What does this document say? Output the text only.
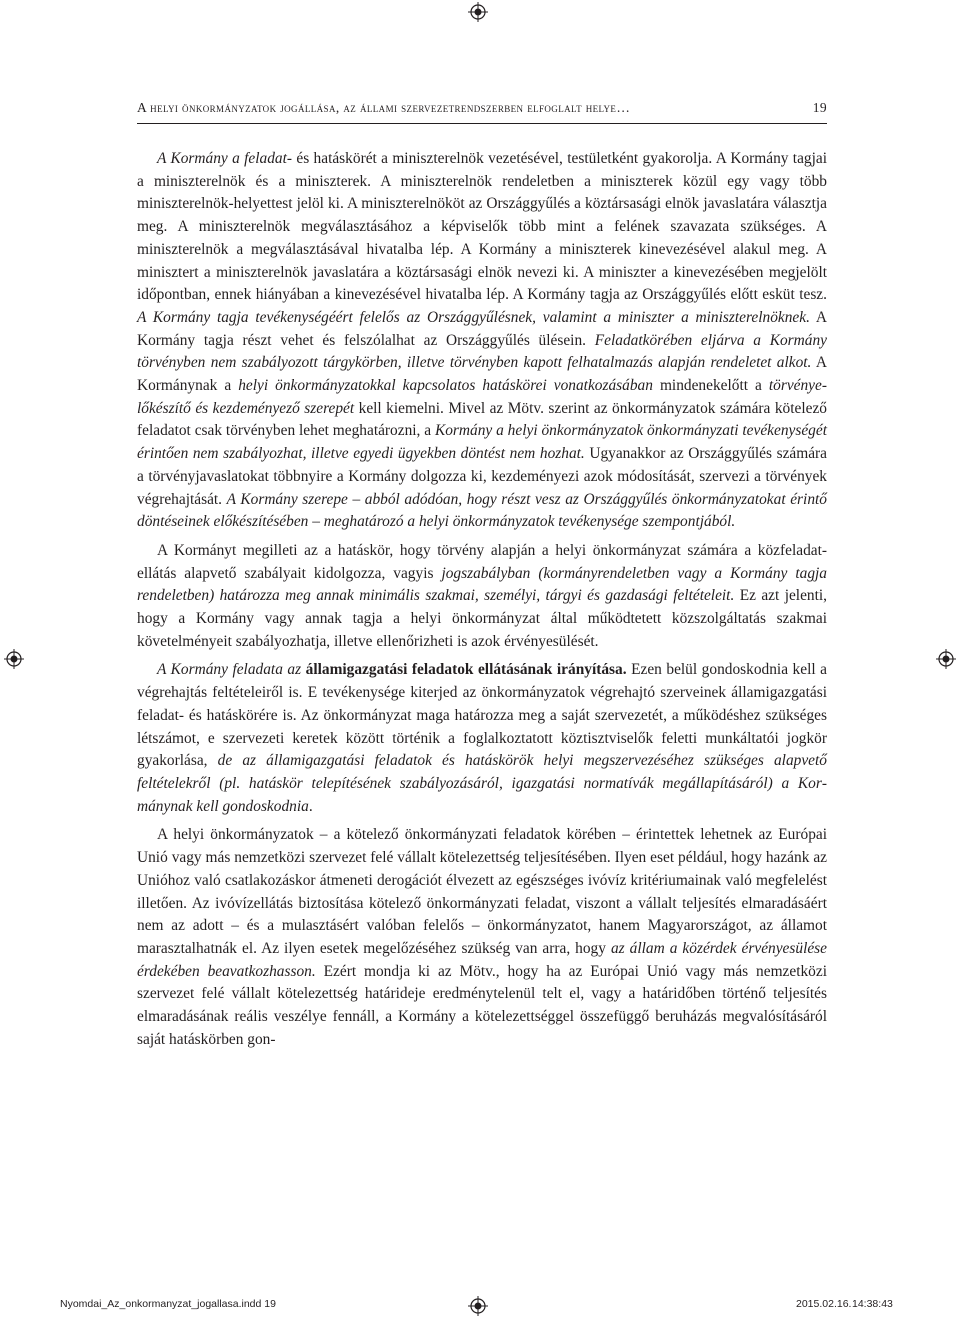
A helyi önkormányzatok jogállása, az állami szervezetrendszerben elfoglalt helye…	19

A Kormány a feladat- és hatáskörét a miniszterelnök vezetésével, testületként gyakorolja. A Kormány tagjai a miniszterelnök és a miniszterek. A miniszterelnök rendeletben a miniszterek közül egy vagy több miniszterelnök-helyettest jelöl ki. A miniszterelnököt az Országgyűlés a köztársasági elnök javaslatára választja meg. A miniszterelnök megválasztásához a képviselők több mint a felének szavazata szükséges. A miniszterelnök a megválasztásával hivatalba lép. A Kormány a miniszterek kinevezésével alakul meg. A minisztert a miniszterelnök javaslatára a köztársasági elnök nevezi ki. A miniszter a kinevezésében megjelölt időpontban, ennek hiányában a kinevezésével hivatalba lép. A Kormány tagja az Országgyűlés előtt esküt tesz. A Kormány tagja tevékenységéért felelős az Országgyűlésnek, valamint a miniszter a miniszterelnöknek. A Kormány tagja részt vehet és felszólalhat az Országgyűlés ülésein. Feladatkörében eljárva a Kormány törvényben nem szabályozott tárgykörben, illetve törvényben kapott felhatalmazás alapján rendeletet alkot. A Kormánynak a helyi önkormányzatokkal kapcsolatos hatáskörei vonatkozásában mindenekelőtt a törvényelőkészítő és kezdeményező szerepét kell kiemelni. Mivel az Mötv. szerint az önkormányzatok számára kötelező feladatot csak törvényben lehet meghatározni, a Kormány a helyi önkormányzatok önkormányzati tevékenységét érintően nem szabályozhat, illetve egyedi ügyekben döntést nem hozhat. Ugyanakkor az Országgyűlés számára a törvényjavaslatokat többnyire a Kormány dolgozza ki, kezdeményezi azok módosítását, szervezi a törvények végrehajtását. A Kormány szerepe – abból adódóan, hogy részt vesz az Országgyűlés önkormányzatokat érintő döntéseinek előkészítésében – meghatározó a helyi önkormányzatok tevékenysége szempontjából.

A Kormányt megilleti az a hatáskör, hogy törvény alapján a helyi önkormányzat számára a közfeladat-ellátás alapvető szabályait kidolgozza, vagyis jogszabályban (kormányrendeletben vagy a Kormány tagja rendeletben) határozza meg annak minimális szakmai, személyi, tárgyi és gazdasági feltételeit. Ez azt jelenti, hogy a Kormány vagy annak tagja a helyi önkormányzat által működtetett közszolgáltatás szakmai követelményeit szabályozhatja, illetve ellenőrizheti is azok érvényesülését.

A Kormány feladata az államigazgatási feladatok ellátásának irányítása. Ezen belül gondoskodnia kell a végrehajtás feltételeiről is. E tevékenysége kiterjed az önkormányzatok végrehajtó szerveinek államigazgatási feladat- és hatáskörére is. Az önkormányzat maga határozza meg a saját szervezetét, a működéshez szükséges létszámot, e szervezeti keretek között történik a foglalkoztatott köztisztviselők feletti munkáltatói jogkör gyakorlása, de az államigazgatási feladatok és hatáskörök helyi megszervezéséhez szükséges alapvető feltételekről (pl. hatáskör telepítésének szabályozásáról, igazgatási normatívák megállapításáról) a Kormánynak kell gondoskodnia.

A helyi önkormányzatok – a kötelező önkormányzati feladatok körében – érintettek lehetnek az Európai Unió vagy más nemzetközi szervezet felé vállalt kötelezettség teljesítésében. Ilyen eset például, hogy hazánk az Unióhoz való csatlakozáskor átmeneti derogációt élvezett az egészséges ivóvíz kritériumainak való megfelelést illetően. Az ivóvízellátás biztosítása kötelező önkormányzati feladat, viszont a vállalt teljesítés elmaradásáért nem az adott – és a mulasztásért valóban felelős – önkormányzatot, hanem Magyarországot, az államot marasztalhatnák el. Az ilyen esetek megelőzéséhez szükség van arra, hogy az állam a közérdek érvényesülése érdekében beavatkozhasson. Ezért mondja ki az Mötv., hogy ha az Európai Unió vagy más nemzetközi szervezet felé vállalt kötelezettség határideje eredménytelenül telt el, vagy a határidőben történő teljesítés elmaradásának reális veszélye fennáll, a Kormány a kötelezettséggel összefüggő beruházás megvalósításáról saját hatáskörben gon-

Nyomdai_Az_onkormanyzat_jogallasa.indd 19	2015.02.16. 14:38:43
